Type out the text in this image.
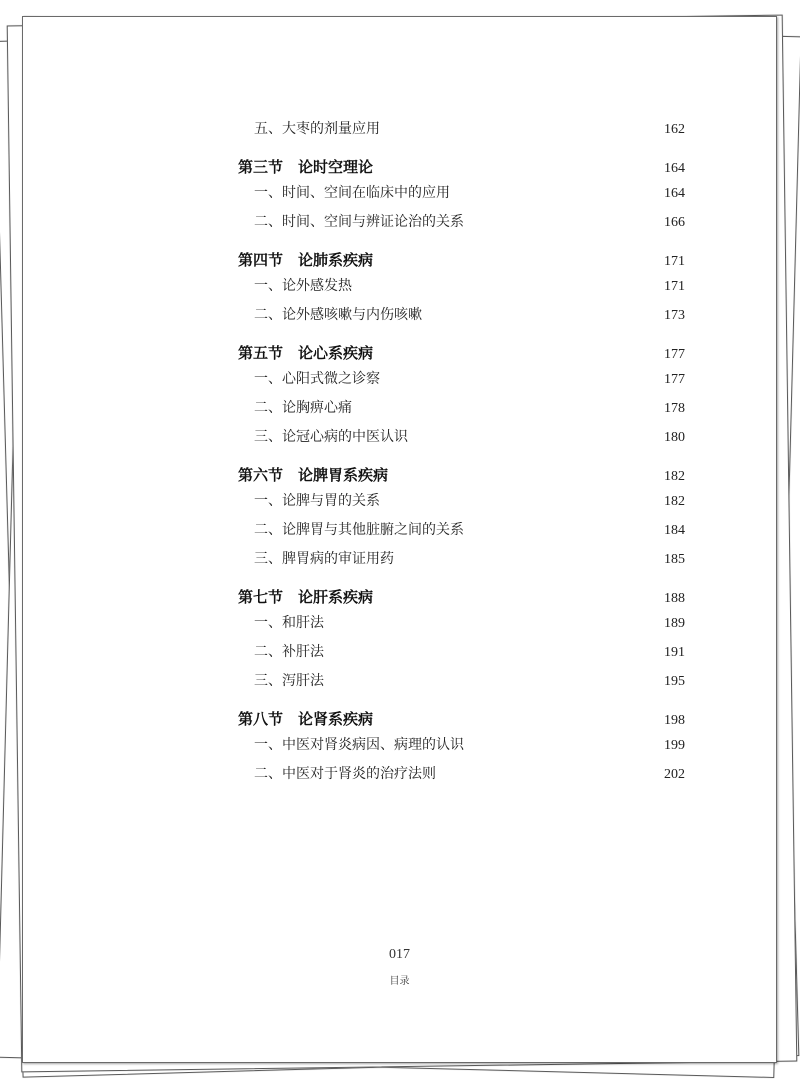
五、大枣的剂量应用	162
第三节　论时空理论	164
一、时间、空间在临床中的应用	164
二、时间、空间与辨证论治的关系	166
第四节　论肺系疾病	171
一、论外感发热	171
二、论外感咳嗽与内伤咳嗽	173
第五节　论心系疾病	177
一、心阳式微之诊察	177
二、论胸痹心痛	178
三、论冠心病的中医认识	180
第六节　论脾胃系疾病	182
一、论脾与胃的关系	182
二、论脾胃与其他脏腑之间的关系	184
三、脾胃病的审证用药	185
第七节　论肝系疾病	188
一、和肝法	189
二、补肝法	191
三、泻肝法	195
第八节　论肾系疾病	198
一、中医对肾炎病因、病理的认识	199
二、中医对于肾炎的治疗法则	202
017
目录
